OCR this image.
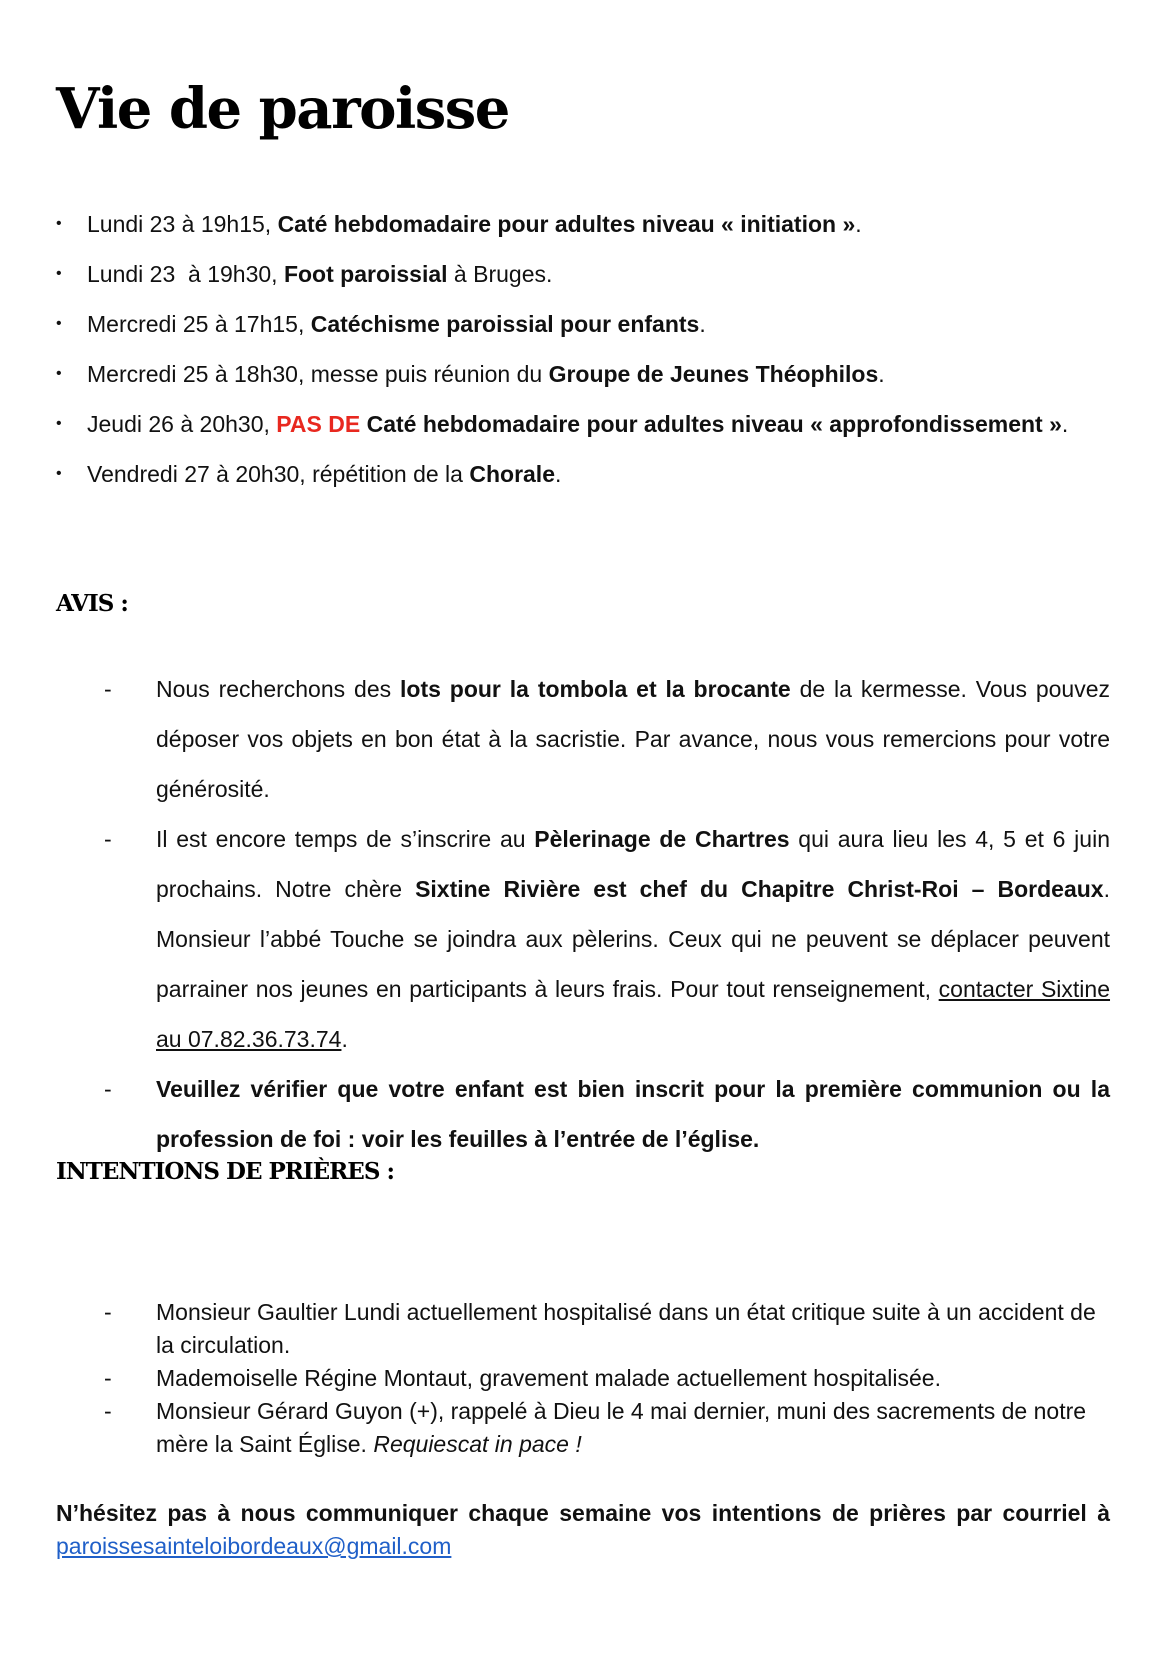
Vie de paroisse
• Lundi 23 à 19h15, Caté hebdomadaire pour adultes niveau « initiation ».
• Lundi 23  à 19h30, Foot paroissial à Bruges.
• Mercredi 25 à 17h15, Catéchisme paroissial pour enfants.
• Mercredi 25 à 18h30, messe puis réunion du Groupe de Jeunes Théophilos.
• Jeudi 26 à 20h30, PAS DE Caté hebdomadaire pour adultes niveau « approfondissement ».
• Vendredi 27 à 20h30, répétition de la Chorale.
AVIS :
- Nous recherchons des lots pour la tombola et la brocante de la kermesse. Vous pouvez déposer vos objets en bon état à la sacristie. Par avance, nous vous remercions pour votre générosité.
- Il est encore temps de s’inscrire au Pèlerinage de Chartres qui aura lieu les 4, 5 et 6 juin prochains. Notre chère Sixtine Rivière est chef du Chapitre Christ-Roi – Bordeaux. Monsieur l’abbé Touche se joindra aux pèlerins. Ceux qui ne peuvent se déplacer peuvent parrainer nos jeunes en participants à leurs frais. Pour tout renseignement, contacter Sixtine au 07.82.36.73.74.
- Veuillez vérifier que votre enfant est bien inscrit pour la première communion ou la profession de foi : voir les feuilles à l’entrée de l’église.
INTENTIONS DE PRIÈRES :
- Monsieur Gaultier Lundi actuellement hospitalisé dans un état critique suite à un accident de la circulation.
- Mademoiselle Régine Montaut, gravement malade actuellement hospitalisée.
- Monsieur Gérard Guyon (+), rappelé à Dieu le 4 mai dernier, muni des sacrements de notre mère la Saint Église. Requiescat in pace !

N’hésitez pas à nous communiquer chaque semaine vos intentions de prières par courriel à paroissesainteloibordeaux@gmail.com
